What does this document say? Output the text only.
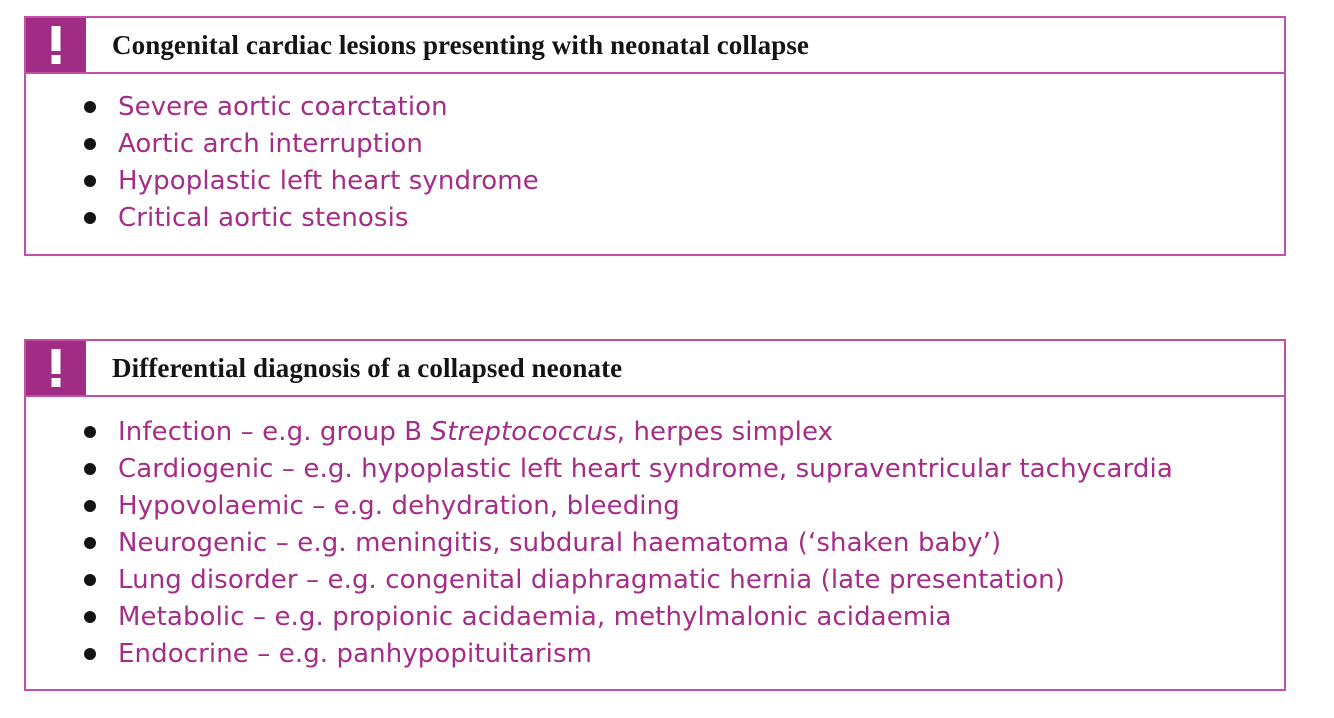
Congenital cardiac lesions presenting with neonatal collapse
Severe aortic coarctation
Aortic arch interruption
Hypoplastic left heart syndrome
Critical aortic stenosis
Differential diagnosis of a collapsed neonate
Infection – e.g. group B Streptococcus, herpes simplex
Cardiogenic – e.g. hypoplastic left heart syndrome, supraventricular tachycardia
Hypovolaemic – e.g. dehydration, bleeding
Neurogenic – e.g. meningitis, subdural haematoma (‘shaken baby’)
Lung disorder – e.g. congenital diaphragmatic hernia (late presentation)
Metabolic – e.g. propionic acidaemia, methylmalonic acidaemia
Endocrine – e.g. panhypopituitarism
